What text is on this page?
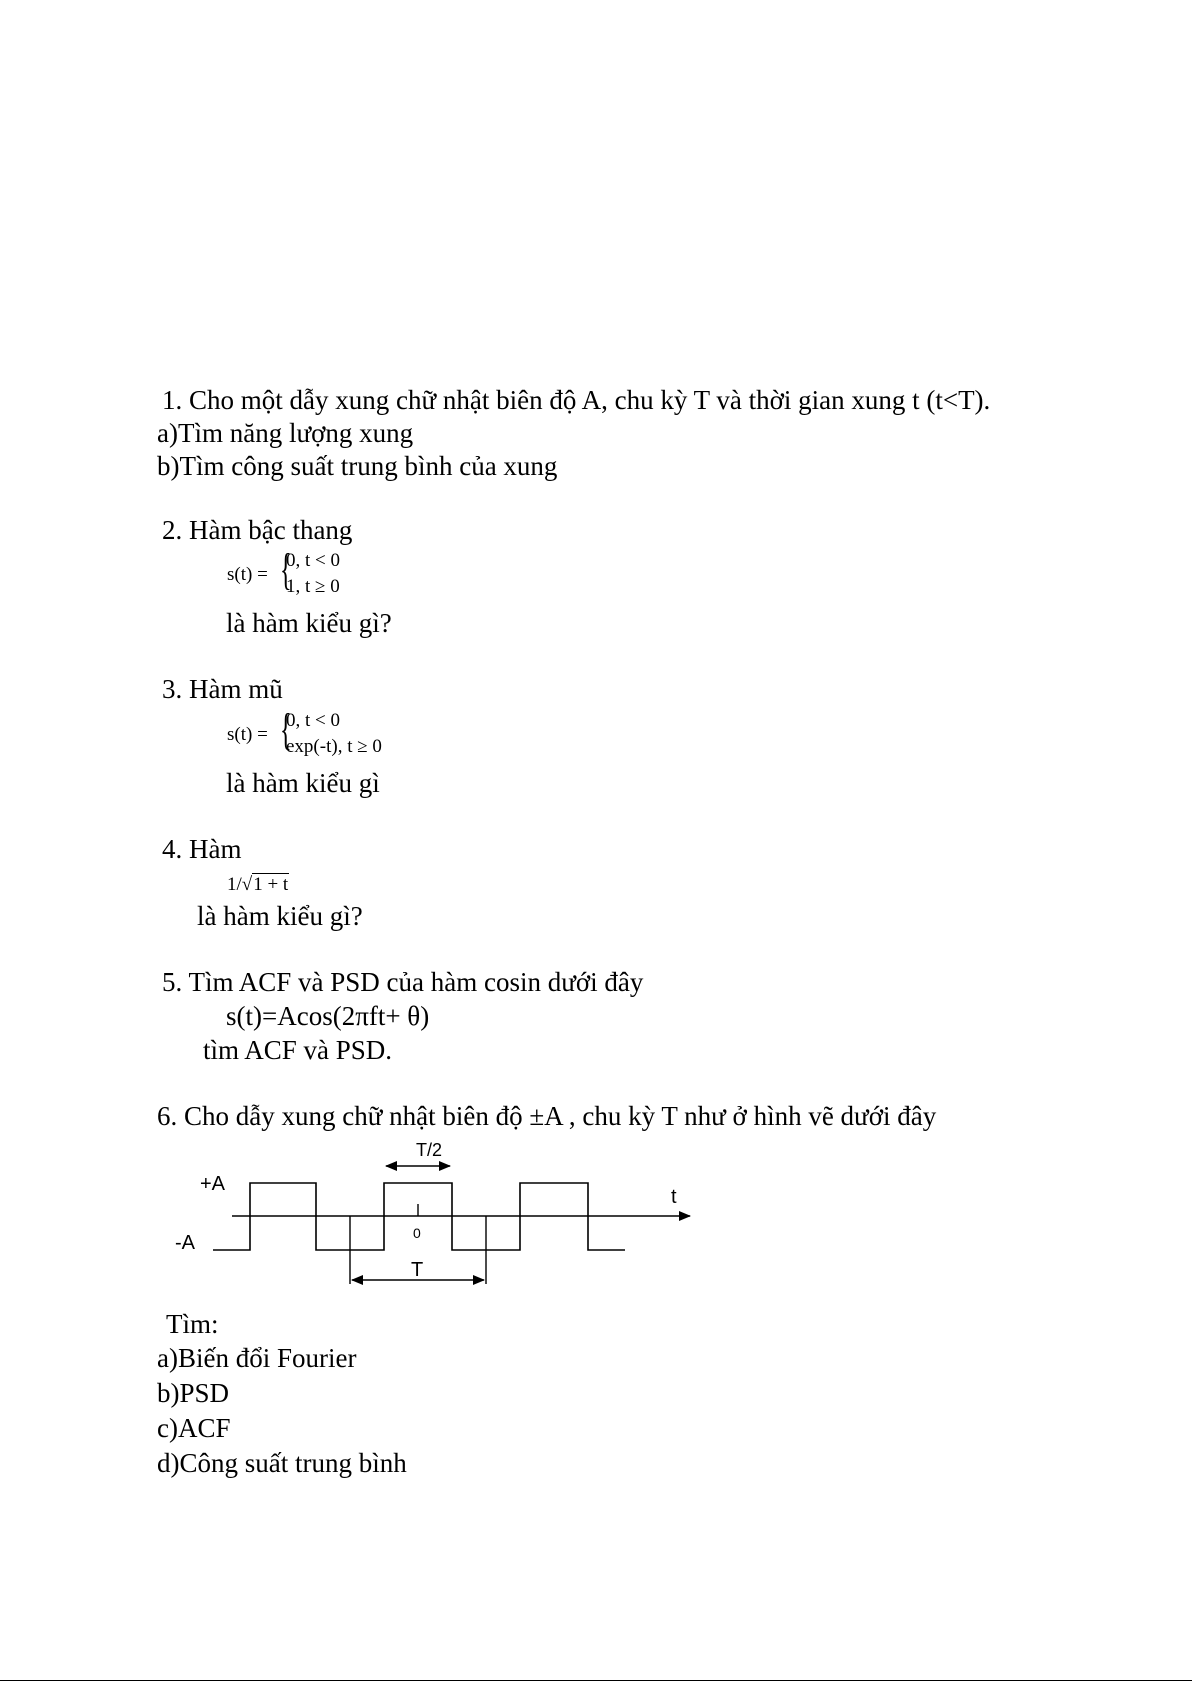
1. Cho một dẫy xung chữ nhật biên độ A, chu kỳ T và thời gian xung t (t<T).
a)Tìm năng lượng xung
b)Tìm công suất trung bình của xung
2. Hàm bậc thang
s(t) = {
0, t < 0
1, t ≥ 0
là hàm kiểu gì?
3. Hàm mũ
s(t) = {
0, t < 0
exp(-t), t ≥ 0
là hàm kiểu gì
4. Hàm
1/√1 + t
là hàm kiểu gì?
5. Tìm ACF và PSD của hàm cosin dưới đây
s(t)=Acos(2πft+ θ)
tìm ACF và PSD.
6. Cho dẫy xung chữ nhật biên độ ±A , chu kỳ T như ở hình vẽ dưới đây
+A
-A
T/2
T
t
0
Tìm:
a)Biến đổi Fourier
b)PSD
c)ACF
d)Công suất trung bình
